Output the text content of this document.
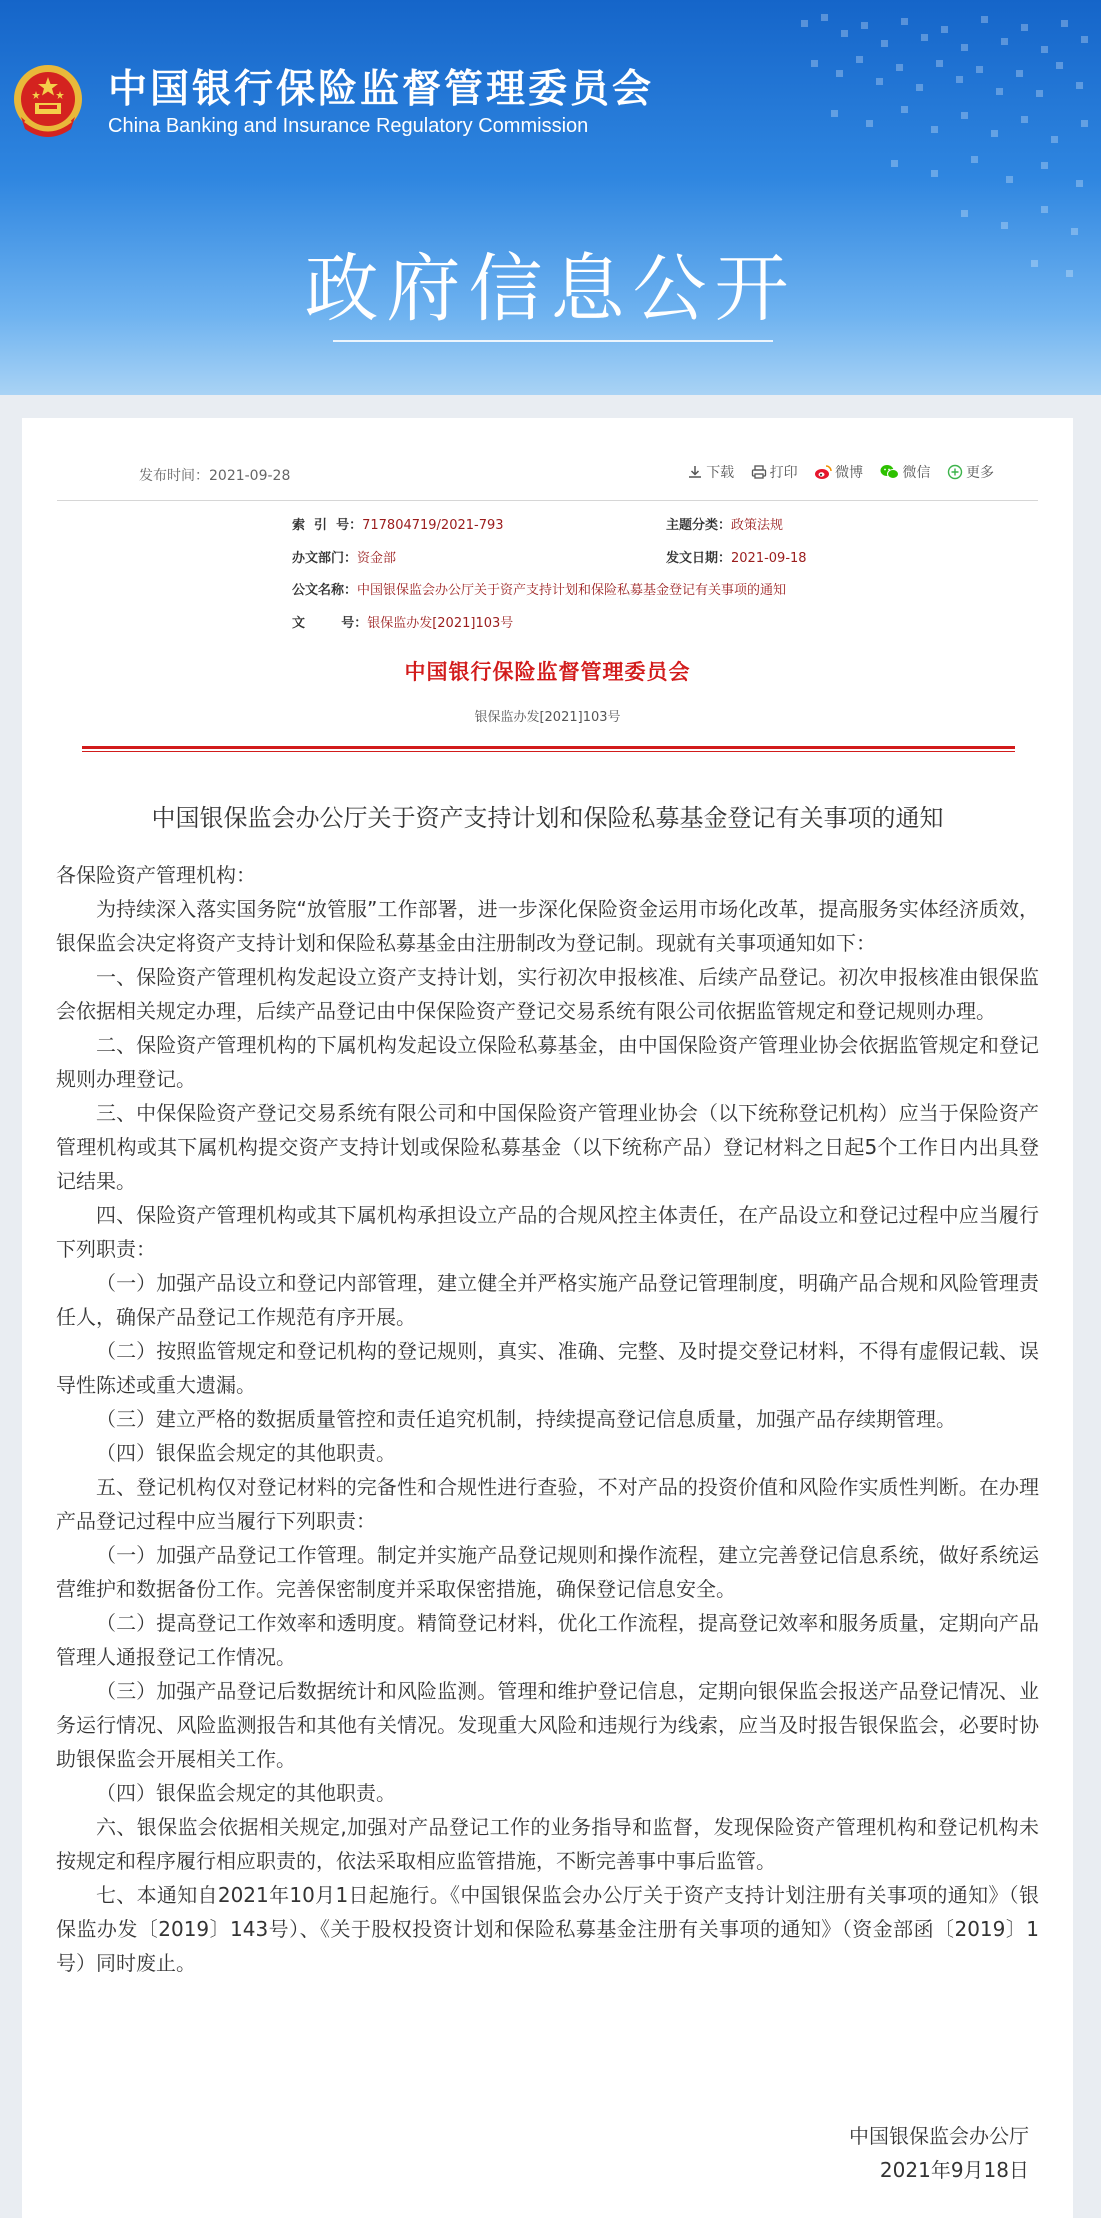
中国银行保险监督管理委员会
China Banking and Insurance Regulatory Commission
政府信息公开
发布时间：2021-09-28	下载	打印	微博	微信	更多
索  引  号：717804719/2021-793	主题分类：政策法规
办文部门：资金部	发文日期：2021-09-18
公文名称：中国银保监会办公厅关于资产支持计划和保险私募基金登记有关事项的通知
文        号：银保监办发[2021]103号
中国银行保险监督管理委员会
银保监办发[2021]103号
中国银保监会办公厅关于资产支持计划和保险私募基金登记有关事项的通知

各保险资产管理机构：

为持续深入落实国务院“放管服”工作部署，进一步深化保险资金运用市场化改革，提高服务实体经济质效，银保监会决定将资产支持计划和保险私募基金由注册制改为登记制。现就有关事项通知如下：

一、保险资产管理机构发起设立资产支持计划，实行初次申报核准、后续产品登记。初次申报核准由银保监会依据相关规定办理，后续产品登记由中保保险资产登记交易系统有限公司依据监管规定和登记规则办理。

二、保险资产管理机构的下属机构发起设立保险私募基金，由中国保险资产管理业协会依据监管规定和登记规则办理登记。

三、中保保险资产登记交易系统有限公司和中国保险资产管理业协会（以下统称登记机构）应当于保险资产管理机构或其下属机构提交资产支持计划或保险私募基金（以下统称产品）登记材料之日起5个工作日内出具登记结果。

四、保险资产管理机构或其下属机构承担设立产品的合规风控主体责任，在产品设立和登记过程中应当履行下列职责：

（一）加强产品设立和登记内部管理，建立健全并严格实施产品登记管理制度，明确产品合规和风险管理责任人，确保产品登记工作规范有序开展。

（二）按照监管规定和登记机构的登记规则，真实、准确、完整、及时提交登记材料，不得有虚假记载、误导性陈述或重大遗漏。

（三）建立严格的数据质量管控和责任追究机制，持续提高登记信息质量，加强产品存续期管理。

（四）银保监会规定的其他职责。

五、登记机构仅对登记材料的完备性和合规性进行查验，不对产品的投资价值和风险作实质性判断。在办理产品登记过程中应当履行下列职责：

（一）加强产品登记工作管理。制定并实施产品登记规则和操作流程，建立完善登记信息系统，做好系统运营维护和数据备份工作。完善保密制度并采取保密措施，确保登记信息安全。

（二）提高登记工作效率和透明度。精简登记材料，优化工作流程，提高登记效率和服务质量，定期向产品管理人通报登记工作情况。

（三）加强产品登记后数据统计和风险监测。管理和维护登记信息，定期向银保监会报送产品登记情况、业务运行情况、风险监测报告和其他有关情况。发现重大风险和违规行为线索，应当及时报告银保监会，必要时协助银保监会开展相关工作。

（四）银保监会规定的其他职责。

六、银保监会依据相关规定,加强对产品登记工作的业务指导和监督，发现保险资产管理机构和登记机构未按规定和程序履行相应职责的，依法采取相应监管措施，不断完善事中事后监管。

七、本通知自2021年10月1日起施行。《中国银保监会办公厅关于资产支持计划注册有关事项的通知》（银保监办发〔2019〕143号）、《关于股权投资计划和保险私募基金注册有关事项的通知》（资金部函〔2019〕1号）同时废止。

中国银保监会办公厅
2021年9月18日
